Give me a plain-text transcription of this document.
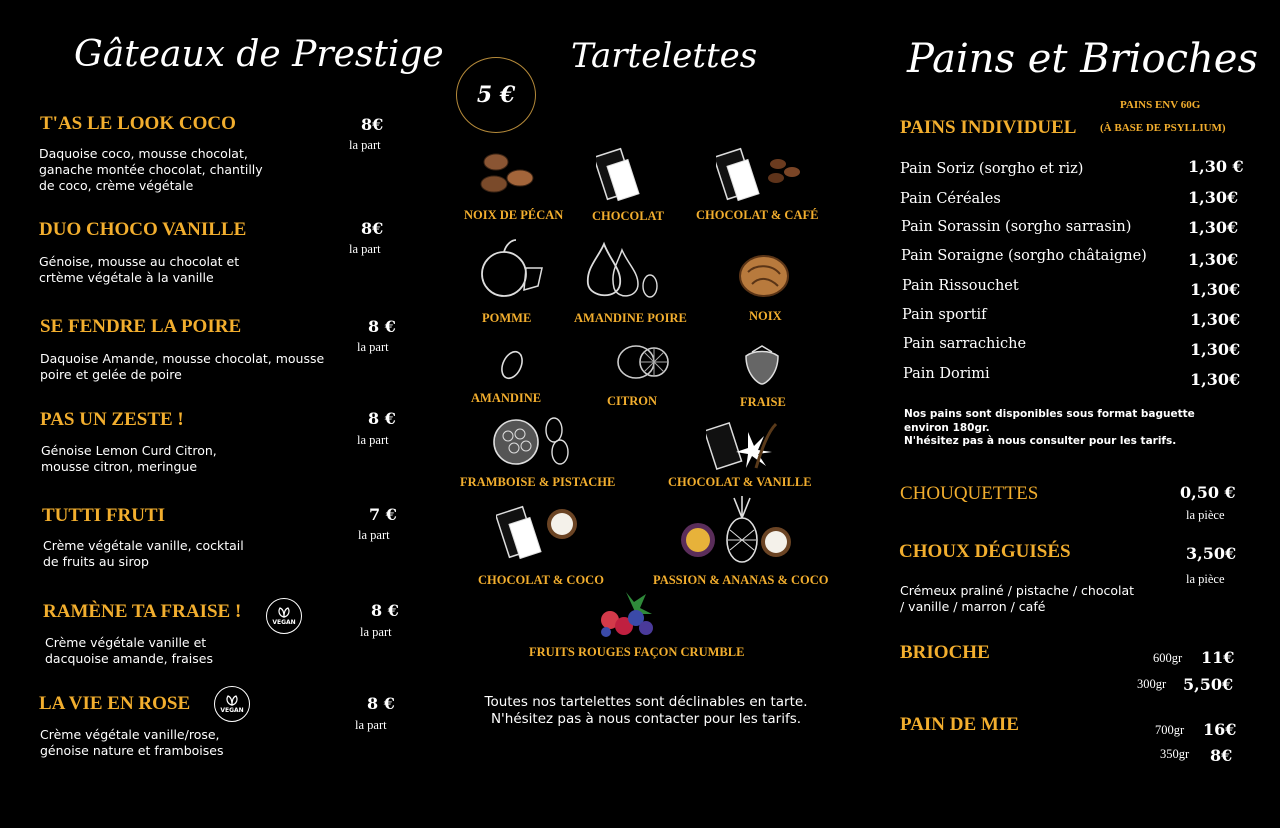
Gâteaux de Prestige
T'AS LE LOOK COCO
Daquoise coco, mousse chocolat,
ganache montée chocolat, chantilly
de coco, crème végétale
8€
la part
DUO CHOCO VANILLE
Génoise, mousse au chocolat et
crtème végétale à la vanille
8€
la part
SE FENDRE LA POIRE
Daquoise Amande, mousse chocolat, mousse
poire et gelée de poire
8 €
la part
PAS UN ZESTE !
Génoise Lemon Curd Citron,
mousse citron, meringue
8 €
la part
TUTTI FRUTI
Crème végétale vanille, cocktail
de fruits au sirop
7 €
la part
RAMÈNE TA FRAISE !
VEGAN
Crème végétale vanille et
dacquoise amande, fraises
8 €
la part
LA VIE EN ROSE	VEGAN
Crème végétale vanille/rose,
génoise nature et framboises
8 €
la part
Tartelettes
5 €
NOIX DE PÉCAN CHOCOLAT	CHOCOLAT & CAFÉ
POMME	AMANDINE POIRE	NOIX
AMANDINE	CITRON	FRAISE
FRAMBOISE & PISTACHE	CHOCOLAT & VANILLE
CHOCOLAT & COCO	PASSION & ANANAS & COCO
FRUITS ROUGES FAÇON CRUMBLE
Toutes nos tartelettes sont déclinables en tarte.
N'hésitez pas à nous contacter pour les tarifs.
Pains et Brioches
PAINS ENV 60G
PAINS INDIVIDUEL (À BASE DE PSYLLIUM)
Pain Soriz (sorgho et riz)	1,30 €
Pain Céréales	1,30€
Pain Sorassin (sorgho sarrasin)	1,30€
Pain Soraigne (sorgho châtaigne)	1,30€
Pain Rissouchet	1,30€
Pain sportif	1,30€
Pain sarrachiche	1,30€
Pain Dorimi	1,30€
Nos pains sont disponibles sous format baguette
environ 180gr.
N'hésitez pas à nous consulter pour les tarifs.
CHOUQUETTES	0,50 €
la pièce
CHOUX DÉGUISÉS	3,50€
la pièce
Crémeux praliné / pistache / chocolat
/ vanille / marron / café
BRIOCHE	600gr 11€
300gr 5,50€
PAIN DE MIE	700gr 16€
350gr 8€
